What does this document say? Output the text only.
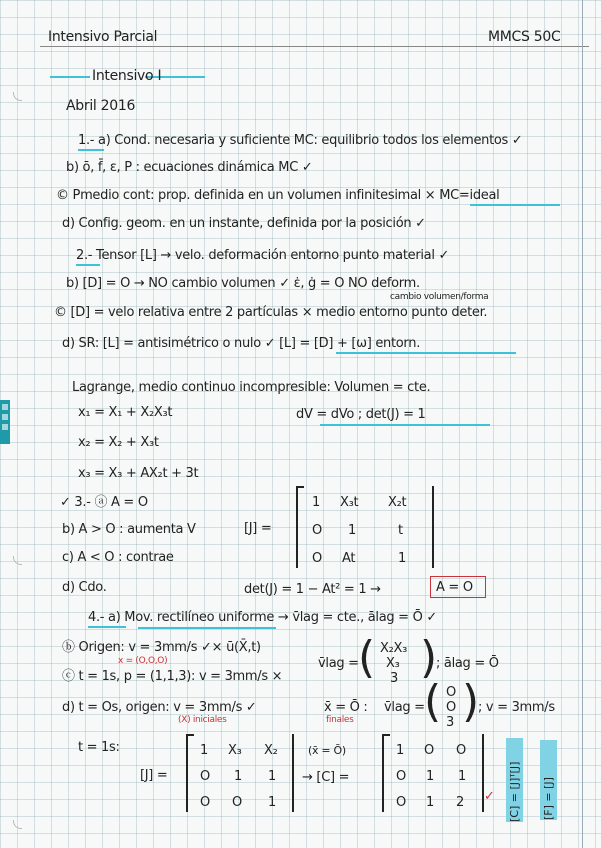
Intensivo Parcial	MMCS 50C
Intensivo I
Abril 2016
1.- a) Cond. necesaria y suficiente MC: equilibrio todos los elementos ✓
b) ō, f̄, ε, P : ecuaciones dinámica MC ✓
© Pmedio cont: prop. definida en un volumen infinitesimal × MC=ideal
d) Config. geom. en un instante, definida por la posición ✓
2.- Tensor [L] → velo. deformación entorno punto material ✓
b) [D] = O → NO cambio volumen ✓ ε̇, ġ = O NO deform.
cambio volumen/forma
© [D] = velo relativa entre 2 partículas × medio entorno punto deter.
d) SR: [L] = antisimétrico o nulo ✓ [L] = [D] + [ω] entorn.
Lagrange, medio continuo incompresible: Volumen = cte.
dV = dVo ; det(J) = 1
x₁ = X₁ + X₂X₃t
x₂ = X₂ + X₃t
x₃ = X₃ + AX₂t + 3t
✓ 3.- ⓐ A = O
b) A > O : aumenta V
c) A < O : contrae
[J] =
1 X₃t X₂t
O 1	t
O At	1
d) Cdo.	det(J) = 1 − At² = 1 →	A = O
4.- a) Mov. rectilíneo uniforme → v̄lag = cte., ālag = Ō ✓
ⓑ Origen: v = 3mm/s ✓× ū(X̄,t)
x = (O,O,O)
ⓒ t = 1s, p = (1,1,3): v = 3mm/s ×
v̄lag = ( X₂X₃
X₃
3 )
; ālag = Ō
d) t = Os, origen: v = 3mm/s ✓
(X) iniciales
x̄ = Ō :
finales
v̄lag = ( O
O
3 )
; v = 3mm/s
t = 1s:
[J] =
1 X₃ X₂
O 1 1
O O 1
(x̄ = Ō)
→ [C] =
1 O O
O 1 1
O 1 2 ✓ [C] = [J]ᵀ[J] [F] = [J]
